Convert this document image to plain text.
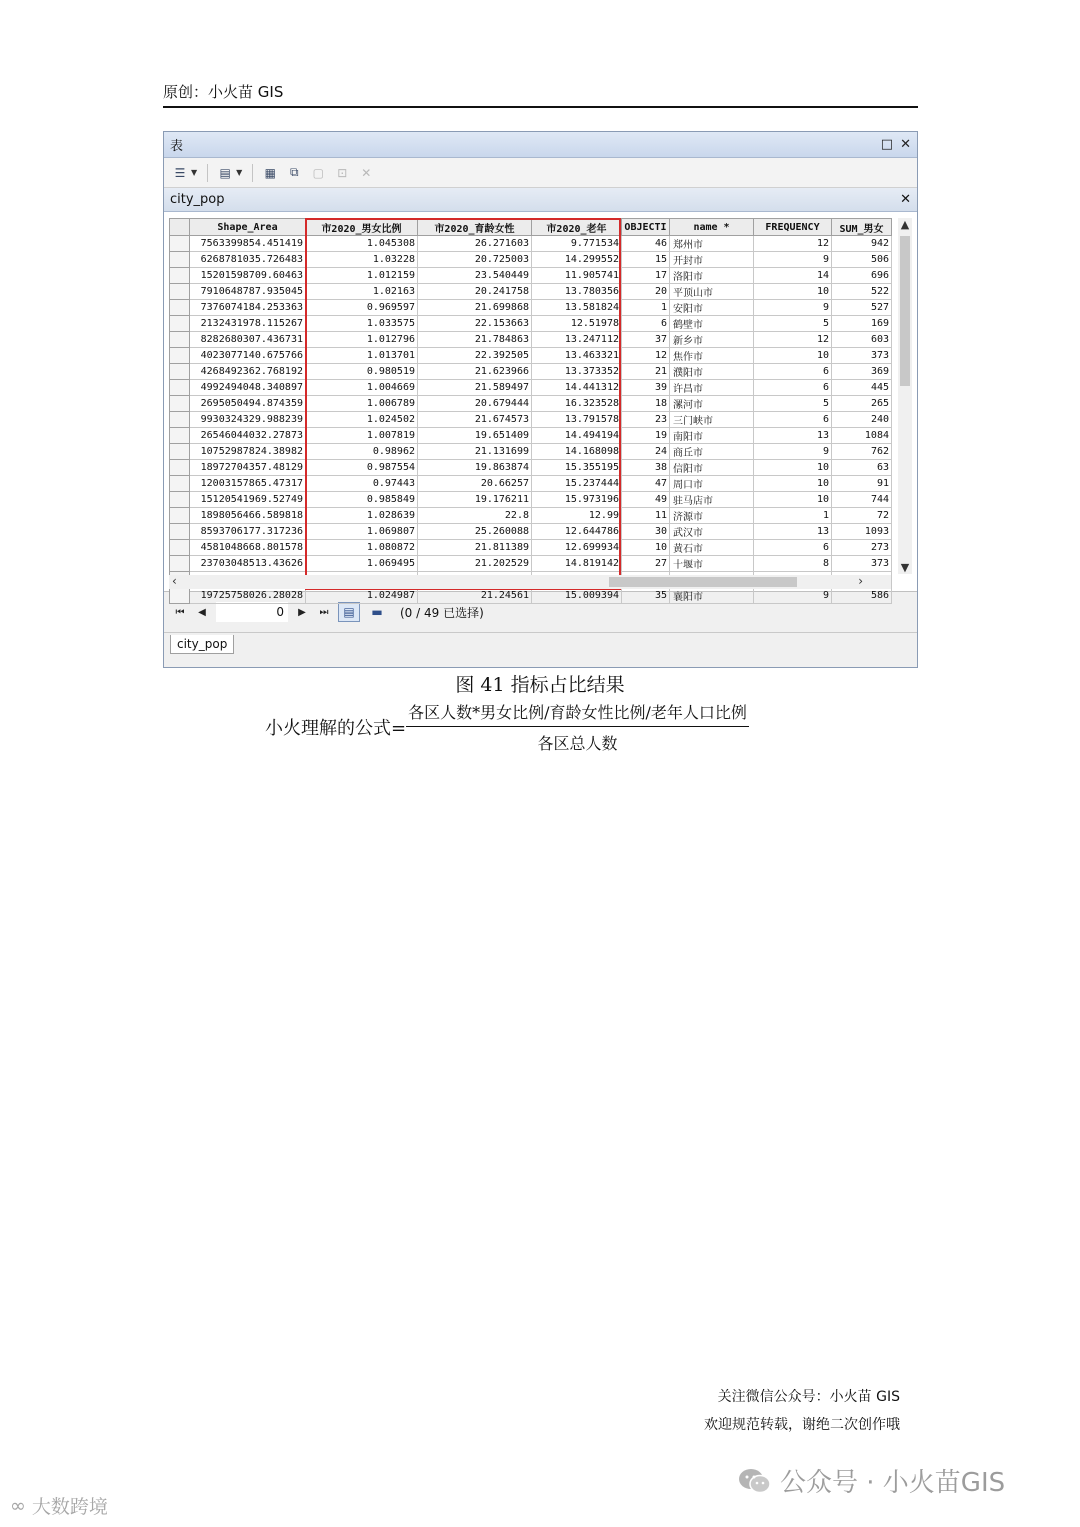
原创：小火苗 GIS
表	□ ✕
☰ ▼	▤ ▼	▦	⧉	▢	⊡	✕
city_pop	✕
	Shape_Area	市2020_男女比例	市2020_育龄女性	市2020_老年	OBJECTI	name *	FREQUENCY	SUM_男女
	7563399854.451419	1.045308	26.271603	9.771534	46	郑州市	12	942
	6268781035.726483	1.03228	20.725003	14.299552	15	开封市	9	506
	15201598709.60463	1.012159	23.540449	11.905741	17	洛阳市	14	696
	7910648787.935045	1.02163	20.241758	13.780356	20	平顶山市	10	522
	7376074184.253363	0.969597	21.699868	13.581824	1	安阳市	9	527
	2132431978.115267	1.033575	22.153663	12.51978	6	鹤壁市	5	169
	8282680307.436731	1.012796	21.784863	13.247112	37	新乡市	12	603
	4023077140.675766	1.013701	22.392505	13.463321	12	焦作市	10	373
	4268492362.768192	0.980519	21.623966	13.373352	21	濮阳市	6	369
	4992494048.340897	1.004669	21.589497	14.441312	39	许昌市	6	445
	2695050494.874359	1.006789	20.679444	16.323528	18	漯河市	5	265
	9930324329.988239	1.024502	21.674573	13.791578	23	三门峡市	6	240
	26546044032.27873	1.007819	19.651409	14.494194	19	南阳市	13	1084
	10752987824.38982	0.98962	21.131699	14.168098	24	商丘市	9	762
	18972704357.48129	0.987554	19.863874	15.355195	38	信阳市	10	63
	12003157865.47317	0.97443	20.66257	15.237444	47	周口市	10	91
	15120541969.52749	0.985849	19.176211	15.973196	49	驻马店市	10	744
	1898056466.589818	1.028639	22.8	12.99	11	济源市	1	72
	8593706177.317236	1.069807	25.260088	12.644786	30	武汉市	13	1093
	4581048668.801578	1.080872	21.811389	12.699934	10	黄石市	6	273
	23703048513.43626	1.069495	21.202529	14.819142	27	十堰市	8	373

	19725758026.28028	1.024987	21.24561	15.009394	35	襄阳市	9	586
▲
▼
‹	›
⏮	◀	0	▶	⏭	▤	▬	(0 / 49 已选择)
city_pop
图 41 指标占比结果
小火理解的公式= $\frac{\text{各区人数*男女比例/育龄女性比例/老年人口比例}}{\text{各区总人数}}$
关注微信公众号：小火苗 GIS
欢迎规范转载，谢绝二次创作哦
公众号 · 小火苗GIS
∞ 大数跨境
